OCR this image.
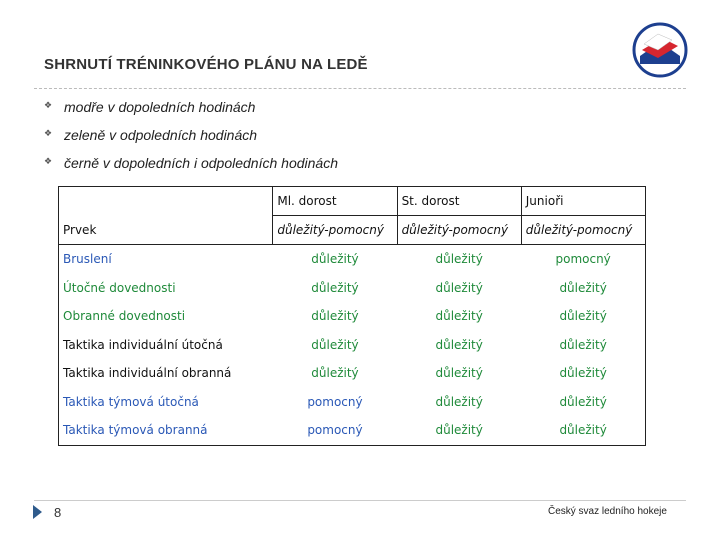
SHRNUTÍ TRÉNINKOVÉHO PLÁNU NA LEDĚ
❖ modře v dopoledních hodinách
❖ zeleně v odpoledních hodinách
❖ černě v dopoledních i odpoledních hodinách
	Ml. dorost	St. dorost	Junioři
Prvek	důležitý-pomocný	důležitý-pomocný	důležitý-pomocný
Bruslení	důležitý	důležitý	pomocný
Útočné dovednosti	důležitý	důležitý	důležitý
Obranné dovednosti	důležitý	důležitý	důležitý
Taktika individuální útočná	důležitý	důležitý	důležitý
Taktika individuální obranná	důležitý	důležitý	důležitý
Taktika týmová útočná	pomocný	důležitý	důležitý
Taktika týmová obranná	pomocný	důležitý	důležitý
8	Český svaz ledního hokeje
